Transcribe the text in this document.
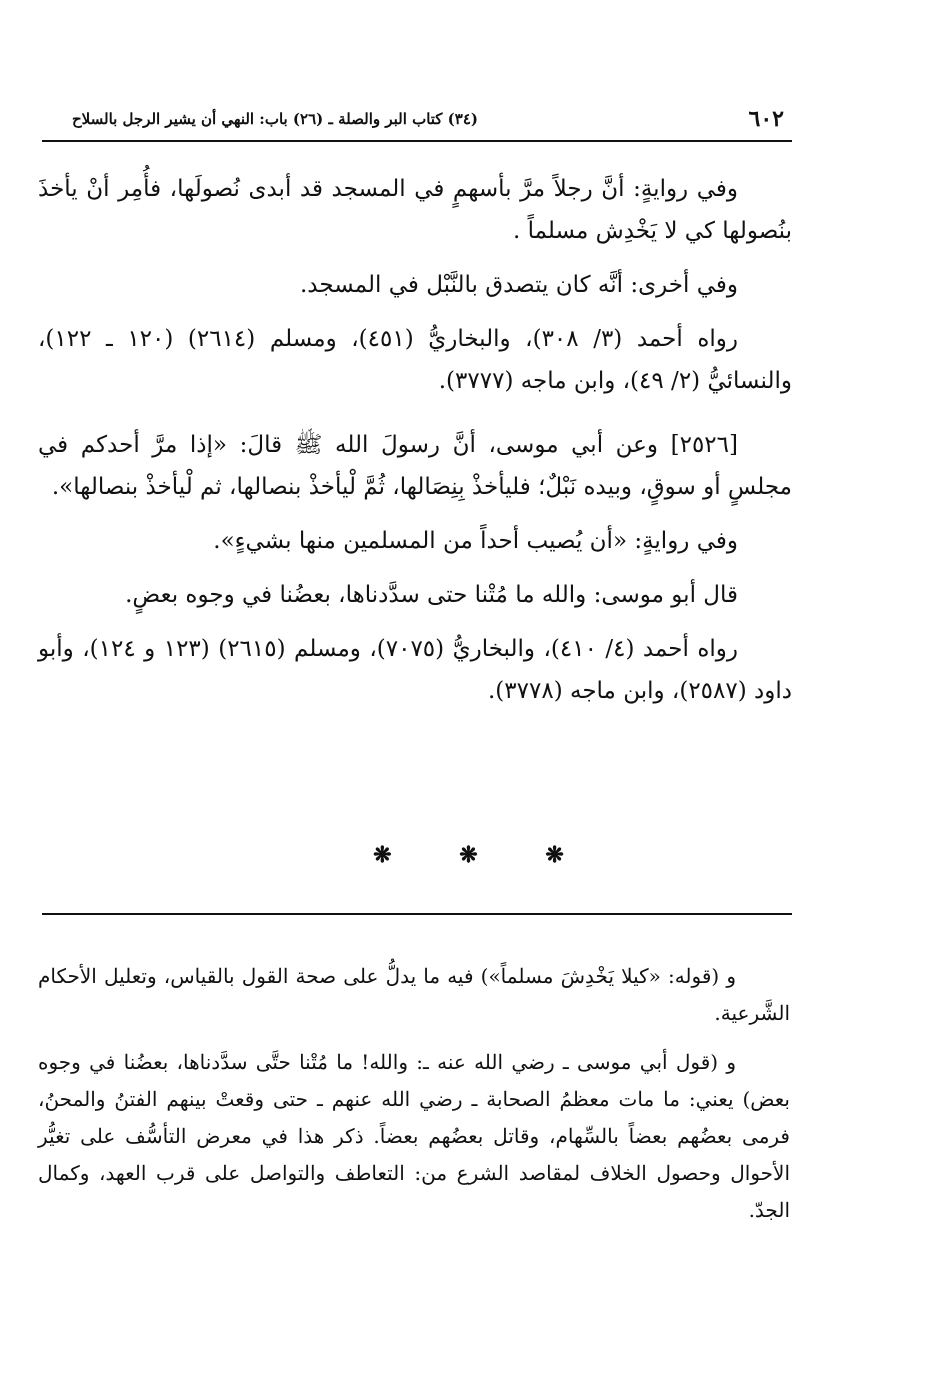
٦٠٢
(٣٤) كتاب البر والصلة ـ (٢٦) باب: النهي أن يشير الرجل بالسلاح

وفي روايةٍ: أنَّ رجلاً مرَّ بأسهمٍ في المسجد قد أبدى نُصولَها، فأُمِر أنْ يأخذَ بنُصولها كي لا يَخْدِش مسلماً .

وفي أخرى: أنَّه كان يتصدق بالنَّبْل في المسجد.

رواه أحمد (٣/ ٣٠٨)، والبخاريُّ (٤٥١)، ومسلم (٢٦١٤) (١٢٠ ـ ١٢٢)، والنسائيُّ (٢/ ٤٩)، وابن ماجه (٣٧٧٧).

[٢٥٢٦] وعن أبي موسى، أنَّ رسولَ الله ﷺ قالَ: «إذا مرَّ أحدكم في مجلسٍ أو سوقٍ، وبيده نَبْلٌ؛ فليأخذْ بِنِصَالها، ثُمَّ لْيأخذْ بنصالها، ثم لْيأخذْ بنصالها».

وفي روايةٍ: «أن يُصيب أحداً من المسلمين منها بشيءٍ».

قال أبو موسى: والله ما مُتْنا حتى سدَّدناها، بعضُنا في وجوه بعضٍ.

رواه أحمد (٤/ ٤١٠)، والبخاريُّ (٧٠٧٥)، ومسلم (٢٦١٥) (١٢٣ و ١٢٤)، وأبو داود (٢٥٨٧)، وابن ماجه (٣٧٧٨).

❋	❋	❋

و (قوله: «كيلا يَخْدِشَ مسلماً») فيه ما يدلُّ على صحة القول بالقياس، وتعليل الأحكام الشَّرعية.

و (قول أبي موسى ـ رضي الله عنه ـ: والله! ما مُتْنا حتَّى سدَّدناها، بعضُنا في وجوه بعض) يعني: ما مات معظمُ الصحابة ـ رضي الله عنهم ـ حتى وقعتْ بينهم الفتنُ والمحنُ، فرمى بعضُهم بعضاً بالسِّهام، وقاتل بعضُهم بعضاً. ذكر هذا في معرض التأسُّف على تغيُّر الأحوال وحصول الخلاف لمقاصد الشرع من: التعاطف والتواصل على قرب العهد، وكمال الجدّ.
